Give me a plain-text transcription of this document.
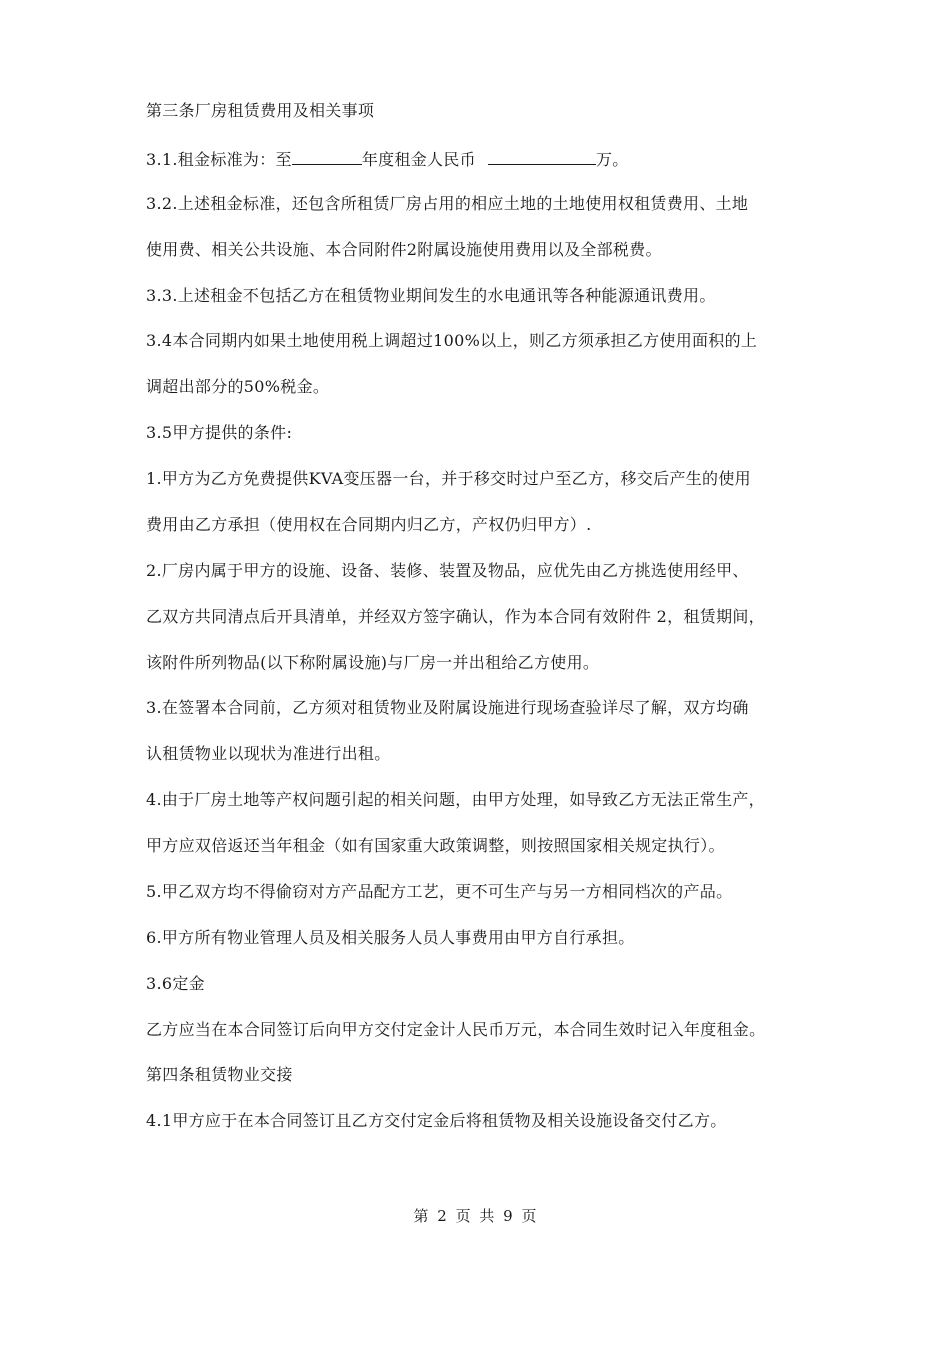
第三条厂房租赁费用及相关事项
3.1.租金标准为：至	年度租金人民币	万。
3.2.上述租金标准，还包含所租赁厂房占用的相应土地的土地使用权租赁费用、土地
使用费、相关公共设施、本合同附件2附属设施使用费用以及全部税费。
3.3.上述租金不包括乙方在租赁物业期间发生的水电通讯等各种能源通讯费用。
3.4本合同期内如果土地使用税上调超过100%以上，则乙方须承担乙方使用面积的上
调超出部分的50%税金。
3.5甲方提供的条件:
1.甲方为乙方免费提供KVA变压器一台，并于移交时过户至乙方，移交后产生的使用
费用由乙方承担（使用权在合同期内归乙方，产权仍归甲方）.
2.厂房内属于甲方的设施、设备、装修、装置及物品，应优先由乙方挑选使用经甲、
乙双方共同清点后开具清单，并经双方签字确认，作为本合同有效附件 2，租赁期间，
该附件所列物品(以下称附属设施)与厂房一并出租给乙方使用。
3.在签署本合同前，乙方须对租赁物业及附属设施进行现场查验详尽了解，双方均确
认租赁物业以现状为准进行出租。
4.由于厂房土地等产权问题引起的相关问题，由甲方处理，如导致乙方无法正常生产，
甲方应双倍返还当年租金（如有国家重大政策调整，则按照国家相关规定执行）。
5.甲乙双方均不得偷窃对方产品配方工艺，更不可生产与另一方相同档次的产品。
6.甲方所有物业管理人员及相关服务人员人事费用由甲方自行承担。
3.6定金
乙方应当在本合同签订后向甲方交付定金计人民币万元，本合同生效时记入年度租金。
第四条租赁物业交接
4.1甲方应于在本合同签订且乙方交付定金后将租赁物及相关设施设备交付乙方。
第 2 页 共 9 页
